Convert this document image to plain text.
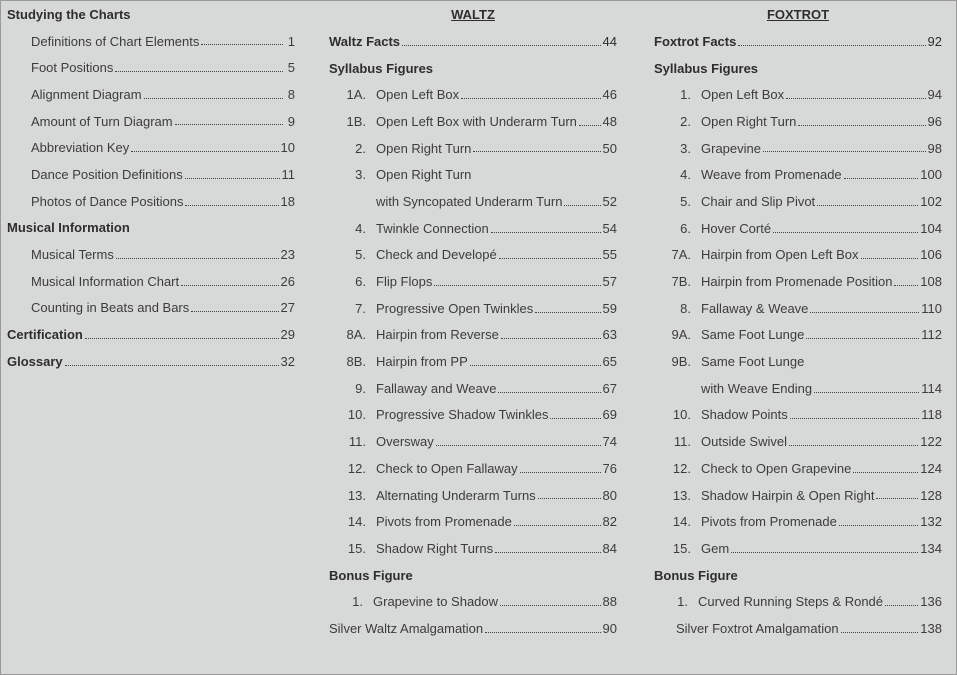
Studying the Charts
Definitions of Chart Elements	1
Foot Positions	5
Alignment Diagram	8
Amount of Turn Diagram	9
Abbreviation Key	10
Dance Position Definitions	11
Photos of Dance Positions	18
Musical Information
Musical Terms	23
Musical Information Chart	26
Counting in Beats and Bars	27
Certification	29
Glossary	32
WALTZ
Waltz Facts	44
Syllabus Figures
1A. Open Left Box	46
1B. Open Left Box with Underarm Turn 48
2. Open Right Turn	50
3. Open Right Turn
with Syncopated Underarm Turn	52
4. Twinkle Connection	54
5. Check and Developé	55
6. Flip Flops	57
7. Progressive Open Twinkles	59
8A. Hairpin from Reverse	63
8B. Hairpin from PP	65
9. Fallaway and Weave	67
10. Progressive Shadow Twinkles	69
11. Oversway	74
12. Check to Open Fallaway	76
13. Alternating Underarm Turns	80
14. Pivots from Promenade	82
15. Shadow Right Turns	84
Bonus Figure
1. Grapevine to Shadow	88
Silver Waltz Amalgamation	90
FOXTROT
Foxtrot Facts	92
Syllabus Figures
1. Open Left Box	94
2. Open Right Turn	96
3. Grapevine	98
4. Weave from Promenade	100
5. Chair and Slip Pivot	102
6. Hover Corté	104
7A. Hairpin from Open Left Box	106
7B. Hairpin from Promenade Position 108
8. Fallaway & Weave	110
9A. Same Foot Lunge	112
9B. Same Foot Lunge
with Weave Ending	114
10. Shadow Points	118
11. Outside Swivel	122
12. Check to Open Grapevine	124
13. Shadow Hairpin & Open Right	128
14. Pivots from Promenade	132
15. Gem	134
Bonus Figure
1. Curved Running Steps & Rondé	136
Silver Foxtrot Amalgamation	138
